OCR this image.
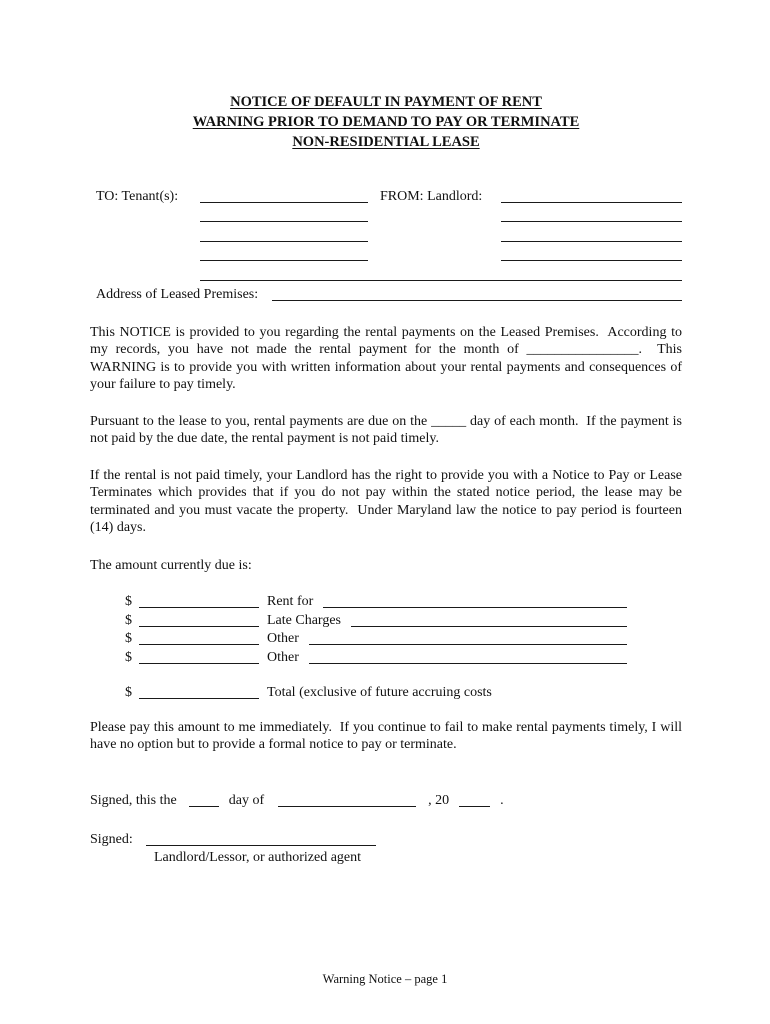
NOTICE OF DEFAULT IN PAYMENT OF RENT
WARNING PRIOR TO DEMAND TO PAY OR TERMINATE
NON-RESIDENTIAL LEASE
TO: Tenant(s):	FROM: Landlord:
Address of Leased Premises:

This NOTICE is provided to you regarding the rental payments on the Leased Premises.  According to my records, you have not made the rental payment for the month of ________________.  This WARNING is to provide you with written information about your rental payments and consequences of your failure to pay timely.

Pursuant to the lease to you, rental payments are due on the _____ day of each month.  If the payment is not paid by the due date, the rental payment is not paid timely.

If the rental is not paid timely, your Landlord has the right to provide you with a Notice to Pay or Lease Terminates which provides that if you do not pay within the stated notice period, the lease may be terminated and you must vacate the property.  Under Maryland law the notice to pay period is fourteen (14) days.

The amount currently due is:

$	Rent for
$	Late Charges
$	Other
$	Other
$	Total (exclusive of future accruing costs

Please pay this amount to me immediately.  If you continue to fail to make rental payments timely, I will have no option but to provide a formal notice to pay or terminate.

Signed, this the	day of	, 20	.
Signed:
Landlord/Lessor, or authorized agent
Warning Notice – page 1
